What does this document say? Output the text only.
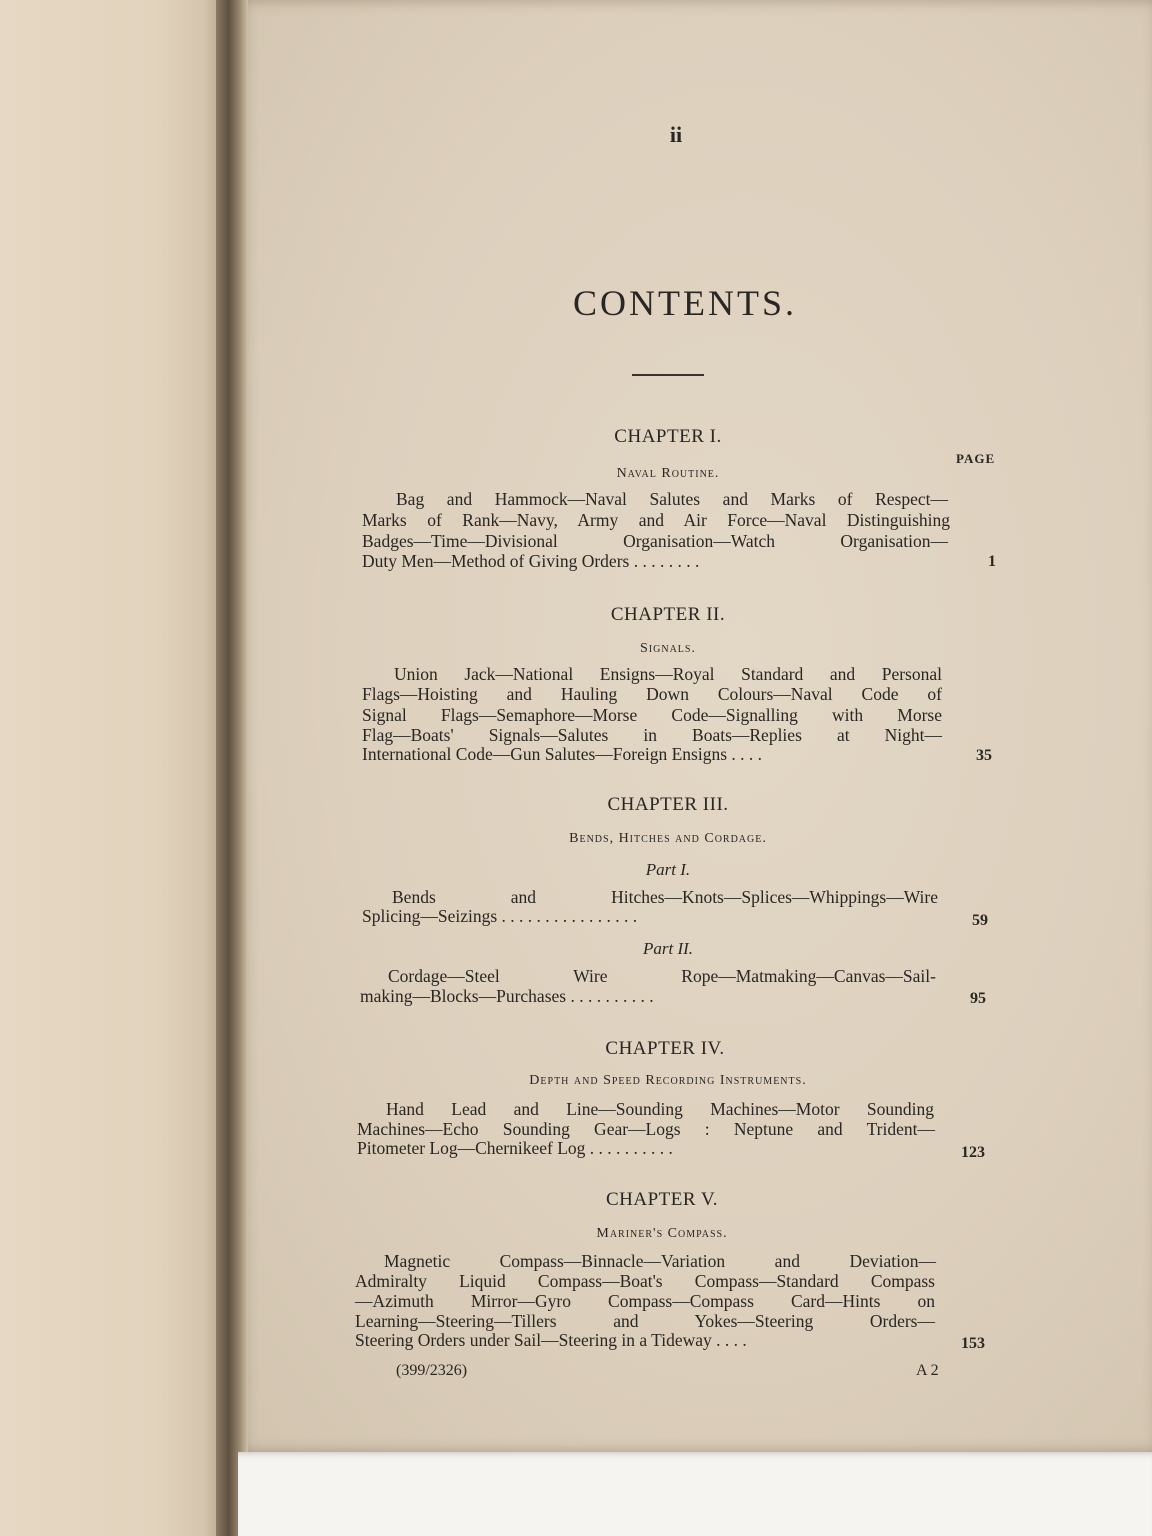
ii
CONTENTS.
PAGE
CHAPTER I.
Naval Routine.
Bag and Hammock—Naval Salutes and Marks of Respect—
Marks of Rank—Navy, Army and Air Force—Naval Distinguishing
Badges—Time—Divisional Organisation—Watch Organisation—
Duty Men—Method of Giving Orders . . . . . . . .	1
CHAPTER II.
Signals.
Union Jack—National Ensigns—Royal Standard and Personal
Flags—Hoisting and Hauling Down Colours—Naval Code of
Signal Flags—Semaphore—Morse Code—Signalling with Morse
Flag—Boats' Signals—Salutes in Boats—Replies at Night—
International Code—Gun Salutes—Foreign Ensigns . . . .	35
CHAPTER III.
Bends, Hitches and Cordage.
Part I.
Bends and Hitches—Knots—Splices—Whippings—Wire
Splicing—Seizings . . . . . . . . . . . . . . . .	59
Part II.
Cordage—Steel Wire Rope—Matmaking—Canvas—Sail-
making—Blocks—Purchases . . . . . . . . . .	95
CHAPTER IV.
Depth and Speed Recording Instruments.
Hand Lead and Line—Sounding Machines—Motor Sounding
Machines—Echo Sounding Gear—Logs : Neptune and Trident—
Pitometer Log—Chernikeef Log . . . . . . . . . .	123
CHAPTER V.
Mariner's Compass.
Magnetic Compass—Binnacle—Variation and Deviation—
Admiralty Liquid Compass—Boat's Compass—Standard Compass
—Azimuth Mirror—Gyro Compass—Compass Card—Hints on
Learning—Steering—Tillers and Yokes—Steering Orders—
Steering Orders under Sail—Steering in a Tideway . . . .	153
(399/2326)	A 2
